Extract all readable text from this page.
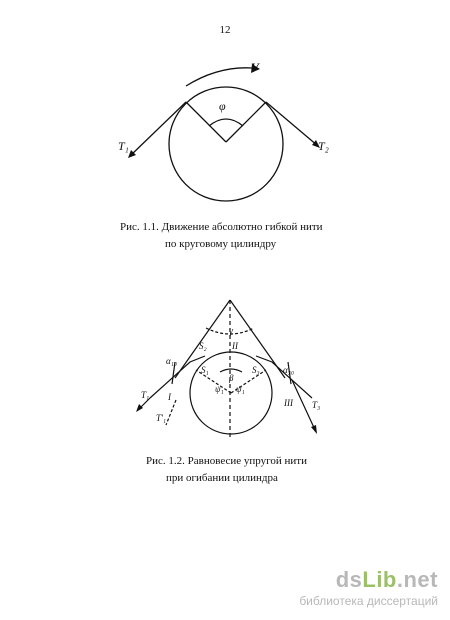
12
V
φ
T₁	T₂
Рис. 1.1. Движение абсолютно гибкой нити
по круговому цилиндру
γ
II
S₂
S₁	S₃
β
ψ₁ ψ₁
α₁₀
α₃₀
I
III
T₁
T₃
T'₁
Рис. 1.2. Равновесие упругой нити
при огибании цилиндра
dsLib.net
библиотека диссертаций
